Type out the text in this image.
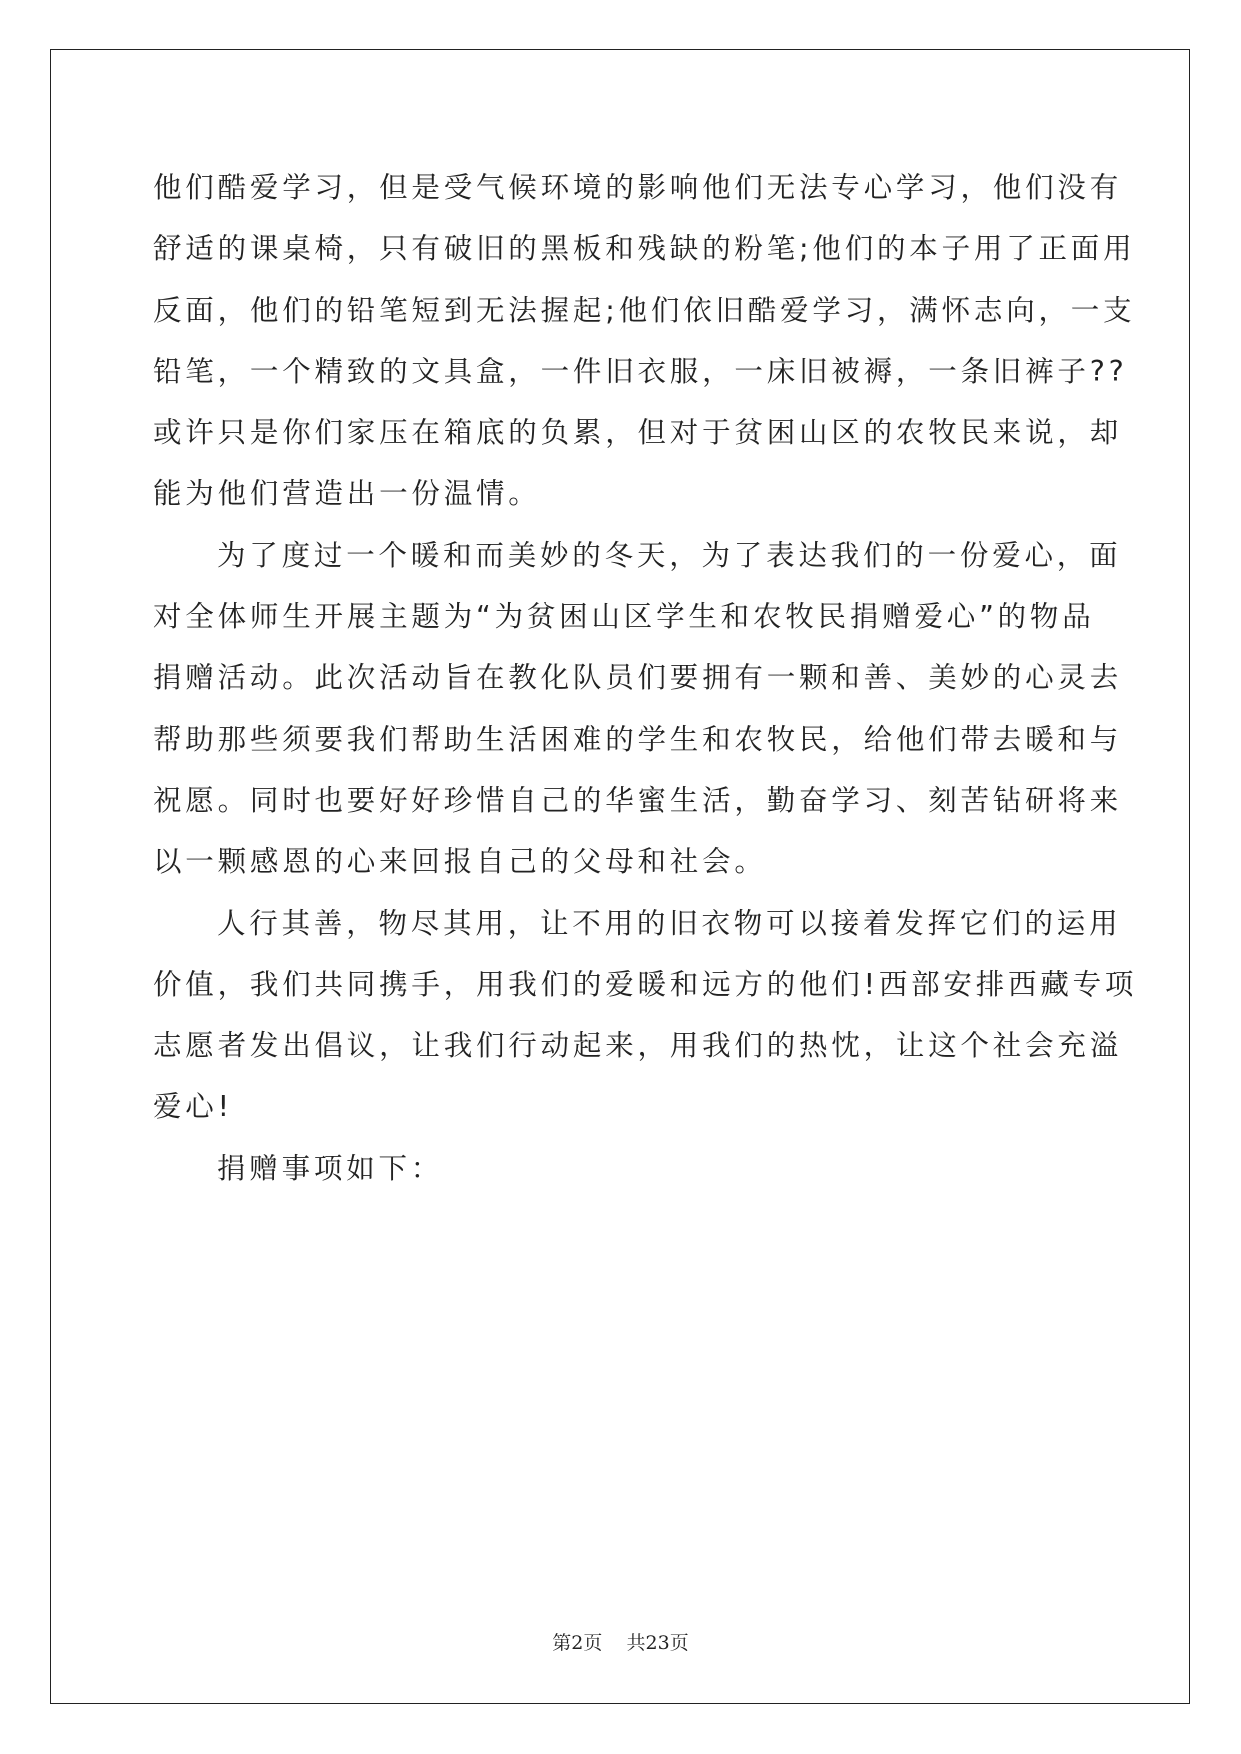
他们酷爱学习，但是受气候环境的影响他们无法专心学习，他们没有
舒适的课桌椅，只有破旧的黑板和残缺的粉笔;他们的本子用了正面用
反面，他们的铅笔短到无法握起;他们依旧酷爱学习，满怀志向，一支
铅笔，一个精致的文具盒，一件旧衣服，一床旧被褥，一条旧裤子??
或许只是你们家压在箱底的负累，但对于贫困山区的农牧民来说，却
能为他们营造出一份温情。
为了度过一个暖和而美妙的冬天，为了表达我们的一份爱心，面
对全体师生开展主题为“为贫困山区学生和农牧民捐赠爱心”的物品
捐赠活动。此次活动旨在教化队员们要拥有一颗和善、美妙的心灵去
帮助那些须要我们帮助生活困难的学生和农牧民，给他们带去暖和与
祝愿。同时也要好好珍惜自己的华蜜生活，勤奋学习、刻苦钻研将来
以一颗感恩的心来回报自己的父母和社会。
人行其善，物尽其用，让不用的旧衣物可以接着发挥它们的运用
价值，我们共同携手，用我们的爱暖和远方的他们!西部安排西藏专项
志愿者发出倡议，让我们行动起来，用我们的热忱，让这个社会充溢
爱心!
捐赠事项如下：
第2页 共23页
